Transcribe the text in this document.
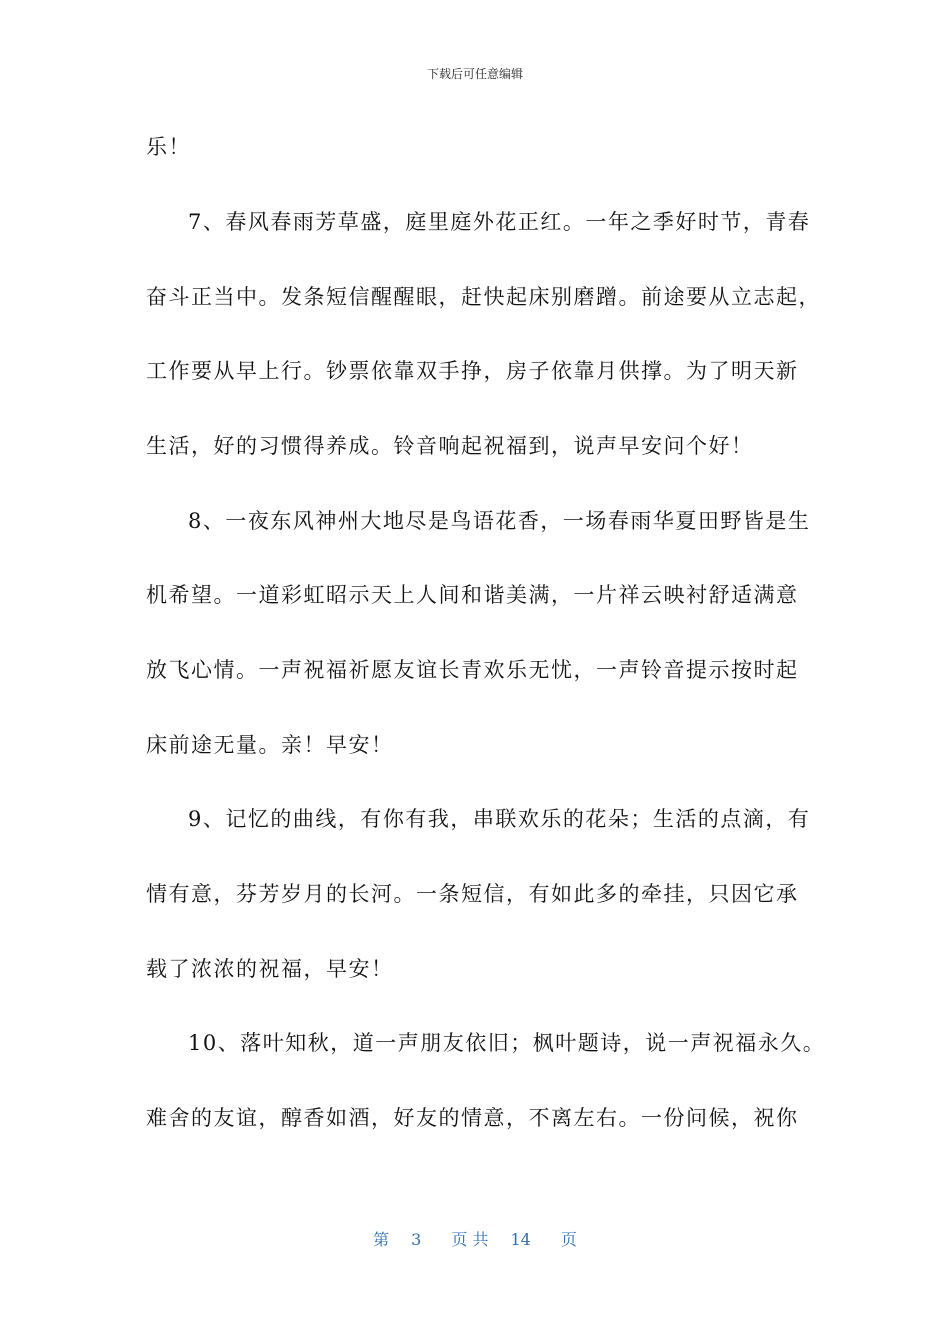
下载后可任意编辑
乐！
7、春风春雨芳草盛，庭里庭外花正红。一年之季好时节，青春
奋斗正当中。发条短信醒醒眼，赶快起床别磨蹭。前途要从立志起，
工作要从早上行。钞票依靠双手挣，房子依靠月供撑。为了明天新
生活，好的习惯得养成。铃音响起祝福到，说声早安问个好！
8、一夜东风神州大地尽是鸟语花香，一场春雨华夏田野皆是生
机希望。一道彩虹昭示天上人间和谐美满，一片祥云映衬舒适满意
放飞心情。一声祝福祈愿友谊长青欢乐无忧，一声铃音提示按时起
床前途无量。亲！早安！
9、记忆的曲线，有你有我，串联欢乐的花朵；生活的点滴，有
情有意，芬芳岁月的长河。一条短信，有如此多的牵挂，只因它承
载了浓浓的祝福，早安！
10、落叶知秋，道一声朋友依旧；枫叶题诗，说一声祝福永久。
难舍的友谊，醇香如酒，好友的情意，不离左右。一份问候，祝你
第 3 页 共 14 页
